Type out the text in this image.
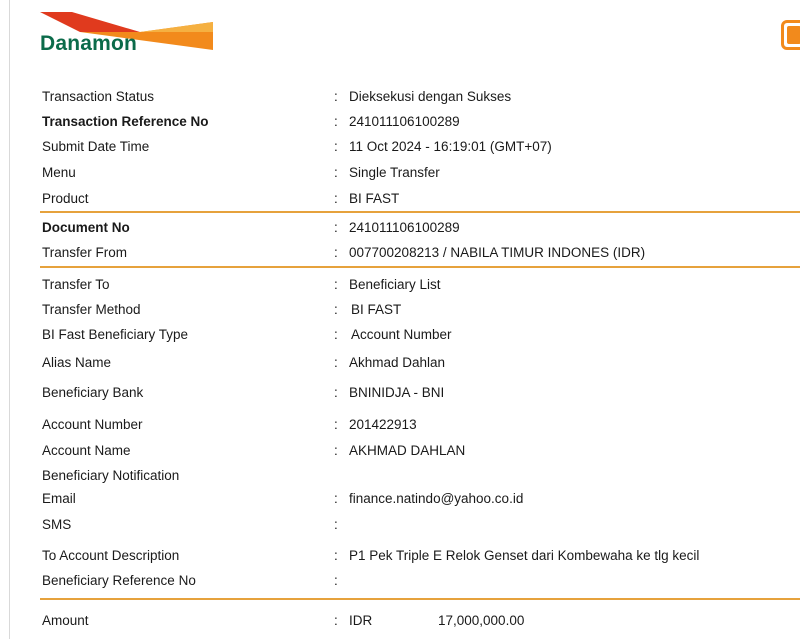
Danamon
Transaction Status	: Dieksekusi dengan Sukses
Transaction Reference No	: 241011106100289
Submit Date Time	: 11 Oct 2024 - 16:19:01 (GMT+07)
Menu	: Single Transfer
Product	: BI FAST
Document No	: 241011106100289
Transfer From	: 007700208213 / NABILA TIMUR INDONES (IDR)
Transfer To	: Beneficiary List
Transfer Method	: BI FAST
BI Fast Beneficiary Type	: Account Number
Alias Name	: Akhmad Dahlan
Beneficiary Bank	: BNINIDJA - BNI
Account Number	: 201422913
Account Name	: AKHMAD DAHLAN
Beneficiary Notification
Email	: finance.natindo@yahoo.co.id
SMS	:
To Account Description	: P1 Pek Triple E Relok Genset dari Kombewaha ke tlg kecil
Beneficiary Reference No	:
Amount	: IDR	17,000,000.00
